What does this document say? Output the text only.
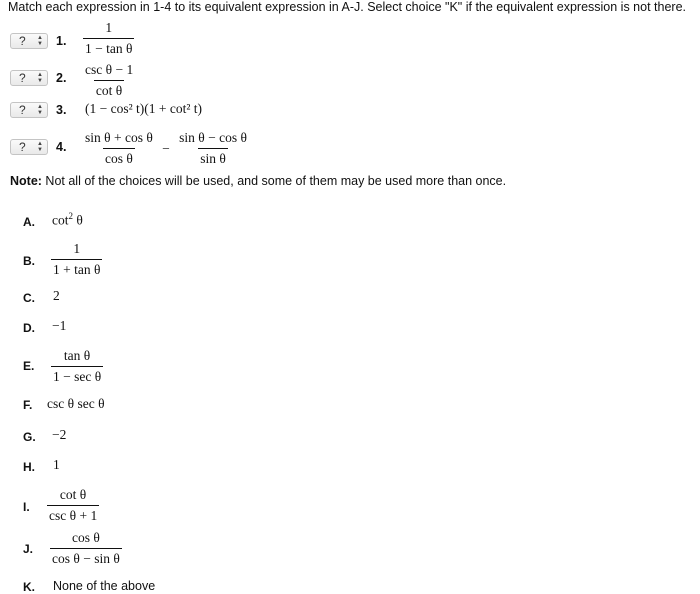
Match each expression in 1-4 to its equivalent expression in A-J. Select choice "K" if the equivalent expression is not there.
? ▲
▼ 1. $\frac{1}{\text{1 − tan θ}}$
? ▲
▼ 2. $\frac{\text{csc θ − 1}}{\text{cot θ}}$
? ▲
▼ 3. (1 − cos² t)(1 + cot² t)
? ▲
▼ 4. $\frac{\text{sin θ + cos θ}}{\text{cos θ}} - \frac{\text{sin θ − cos θ}}{\text{sin θ}}$
Note: Not all of the choices will be used, and some of them may be used more than once.
A. $\cot^2 \theta$
B. $\frac{1}{\text{1 + tan θ}}$
C. 2
D. −1
E. $\frac{\text{tan θ}}{\text{1 − sec θ}}$
F. csc θ sec θ
G. −2
H. 1
I. $\frac{\text{cot θ}}{\text{csc θ + 1}}$
J. $\frac{\text{cos θ}}{\text{cos θ − sin θ}}$
K. None of the above
